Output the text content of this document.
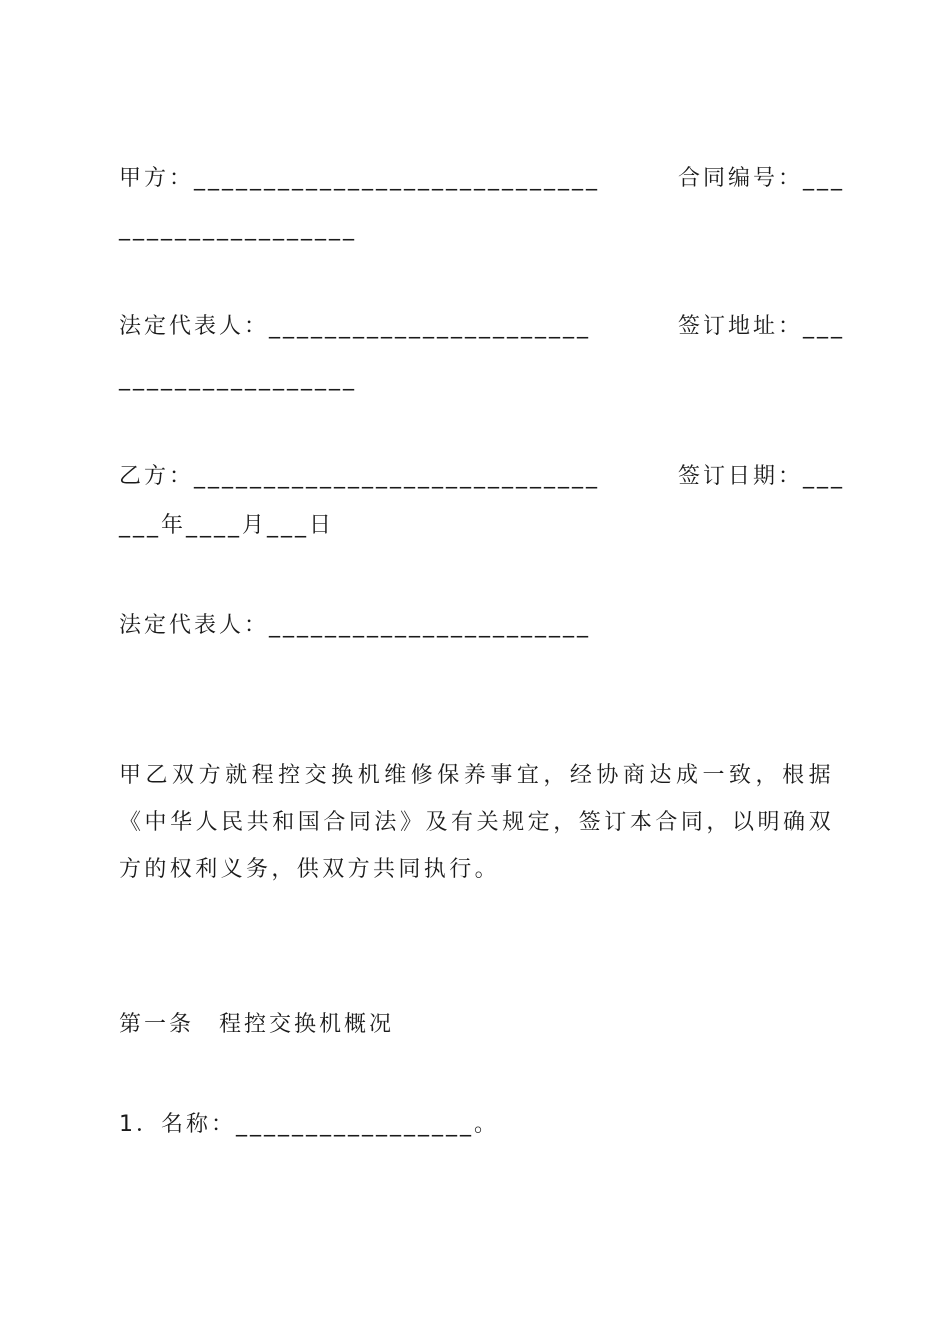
甲方：_____________________________	合同编号：___
_________________
法定代表人：_______________________	签订地址：___
_________________
乙方：_____________________________	签订日期：___
___年____月___日
法定代表人：_______________________
甲乙双方就程控交换机维修保养事宜，经协商达成一致，根据《中华人民共和国合同法》及有关规定，签订本合同，以明确双方的权利义务，供双方共同执行。
第一条　程控交换机概况
1．名称：_________________。
